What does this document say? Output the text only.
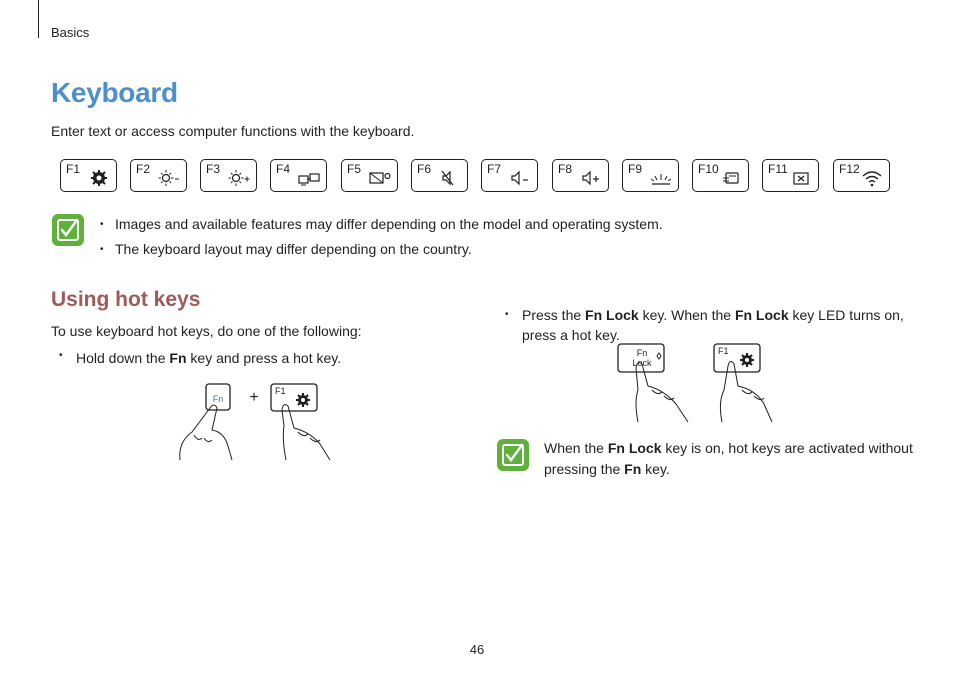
Basics
Keyboard
Enter text or access computer functions with the keyboard.
F1	F2	F3	F4	F5	F6	F7	F8	F9	F10	F11	F12
• Images and available features may differ depending on the model and operating system.
• The keyboard layout may differ depending on the country.
Using hot keys
To use keyboard hot keys, do one of the following:
• Hold down the Fn key and press a hot key.
Fn + F1
• Press the Fn Lock key. When the Fn Lock key LED turns on, press a hot key.
Fn
Lock
F1
When the Fn Lock key is on, hot keys are activated without pressing the Fn key.
46
